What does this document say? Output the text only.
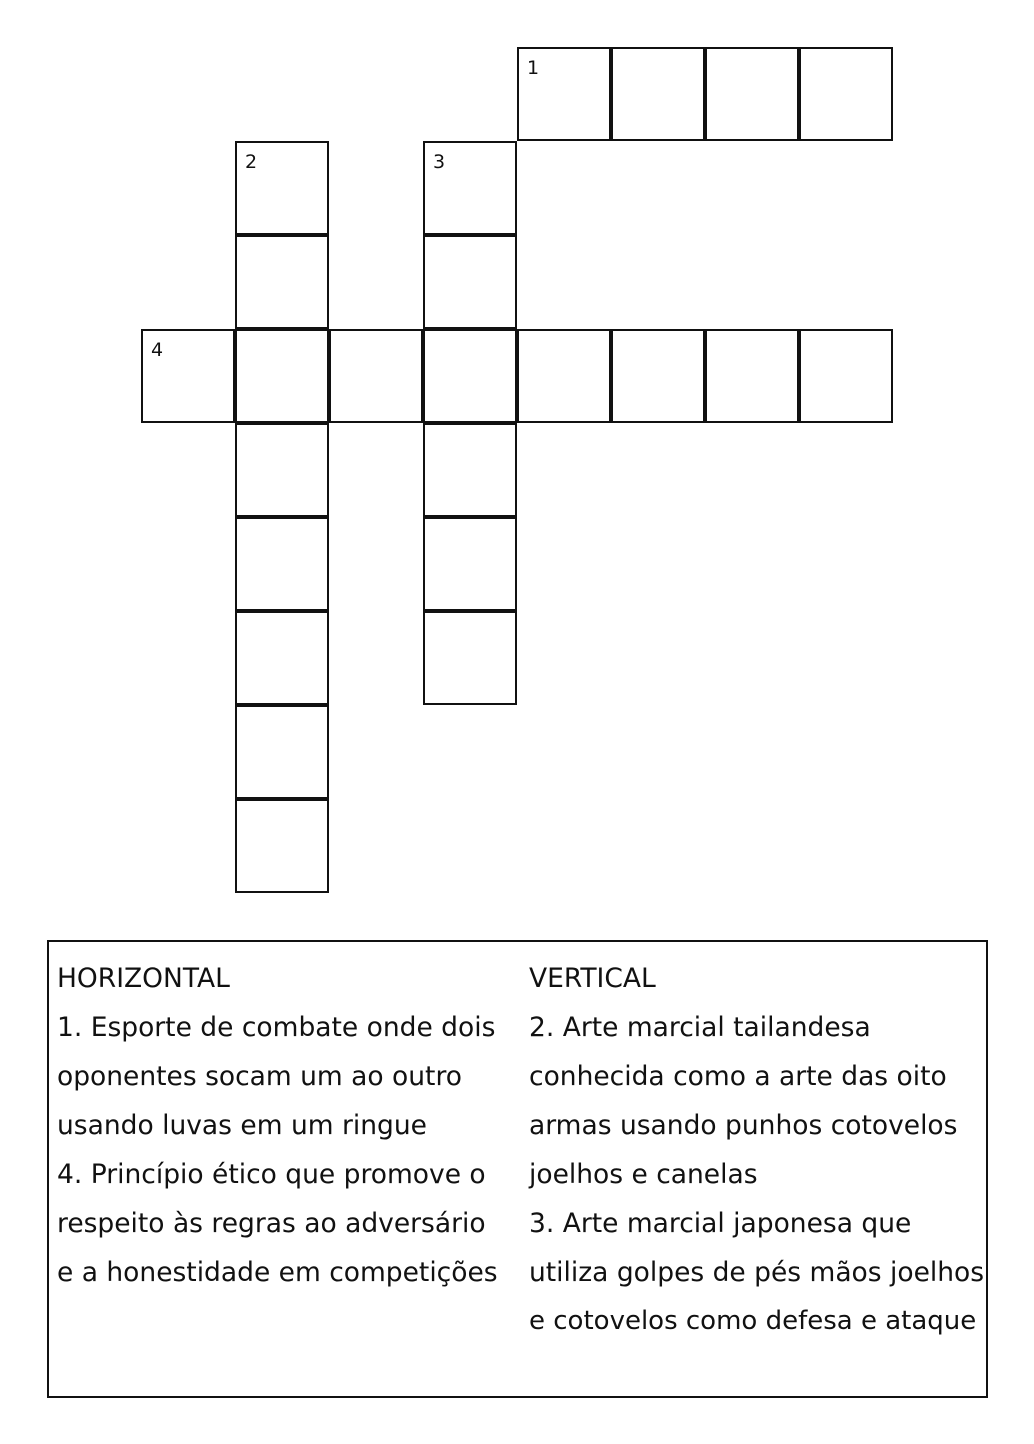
1
2	3
4
HORIZONTAL
1. Esporte de combate onde dois
oponentes socam um ao outro
usando luvas em um ringue
4. Princípio ético que promove o
respeito às regras ao adversário
e a honestidade em competições
VERTICAL
2. Arte marcial tailandesa
conhecida como a arte das oito
armas usando punhos cotovelos
joelhos e canelas
3. Arte marcial japonesa que
utiliza golpes de pés mãos joelhos
e cotovelos como defesa e ataque
